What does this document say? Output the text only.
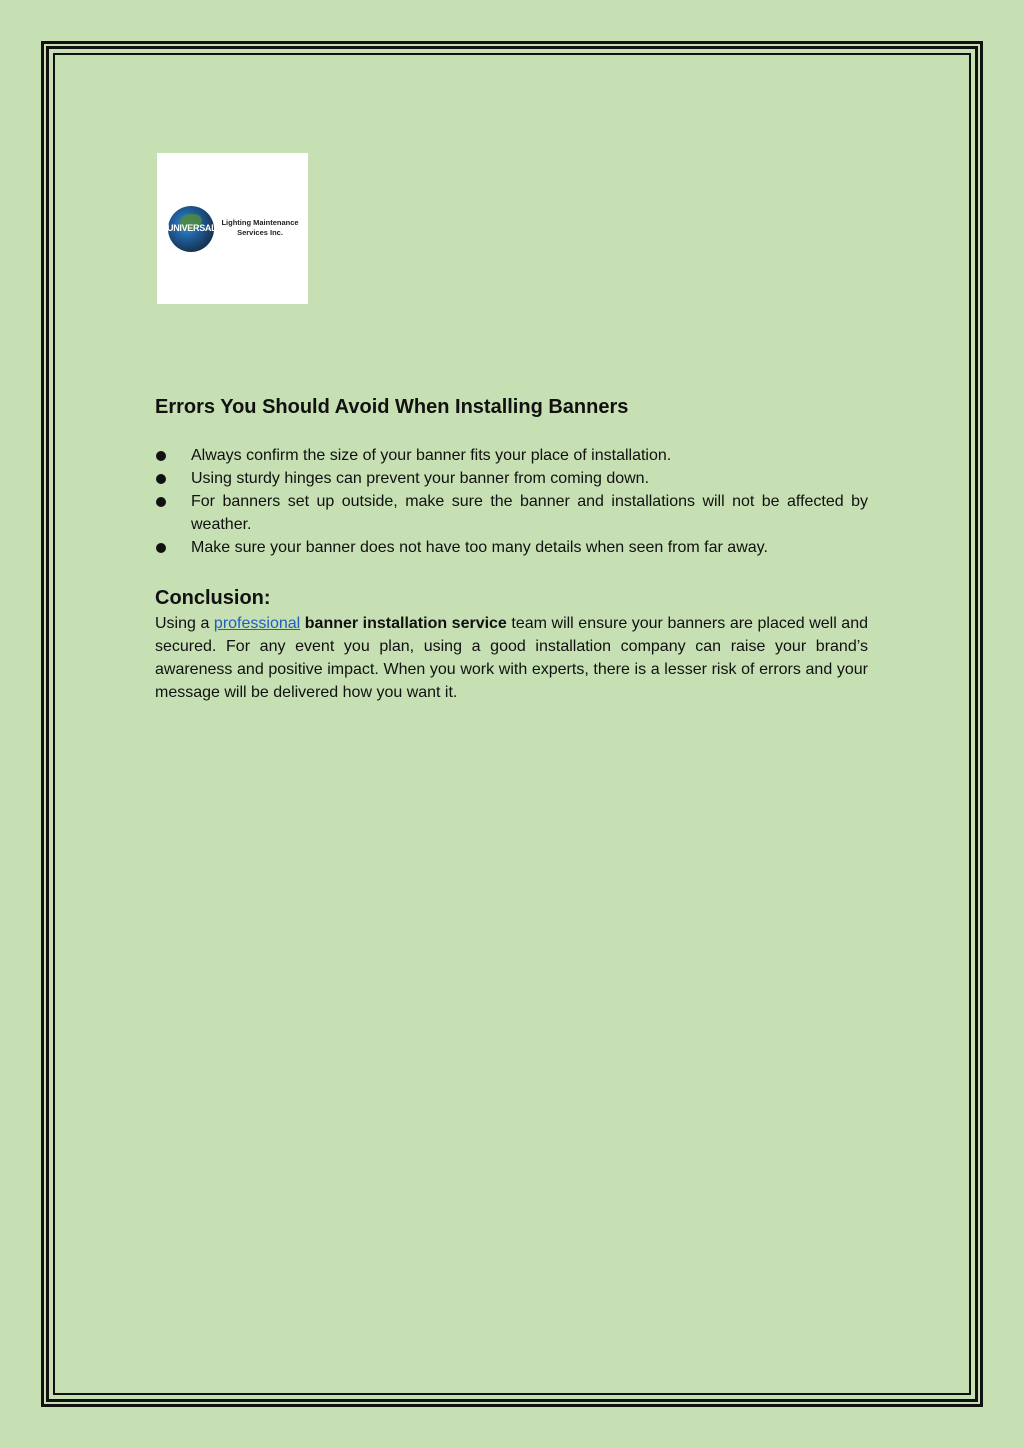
UNIVERSAL
Lighting Maintenance
Services Inc.
Errors You Should Avoid When Installing Banners
Always confirm the size of your banner fits your place of installation.
Using sturdy hinges can prevent your banner from coming down.
For banners set up outside, make sure the banner and installations will not be affected by weather.
Make sure your banner does not have too many details when seen from far away.
Conclusion:

Using a professional banner installation service team will ensure your banners are placed well and secured. For any event you plan, using a good installation company can raise your brand’s awareness and positive impact. When you work with experts, there is a lesser risk of errors and your message will be delivered how you want it.
